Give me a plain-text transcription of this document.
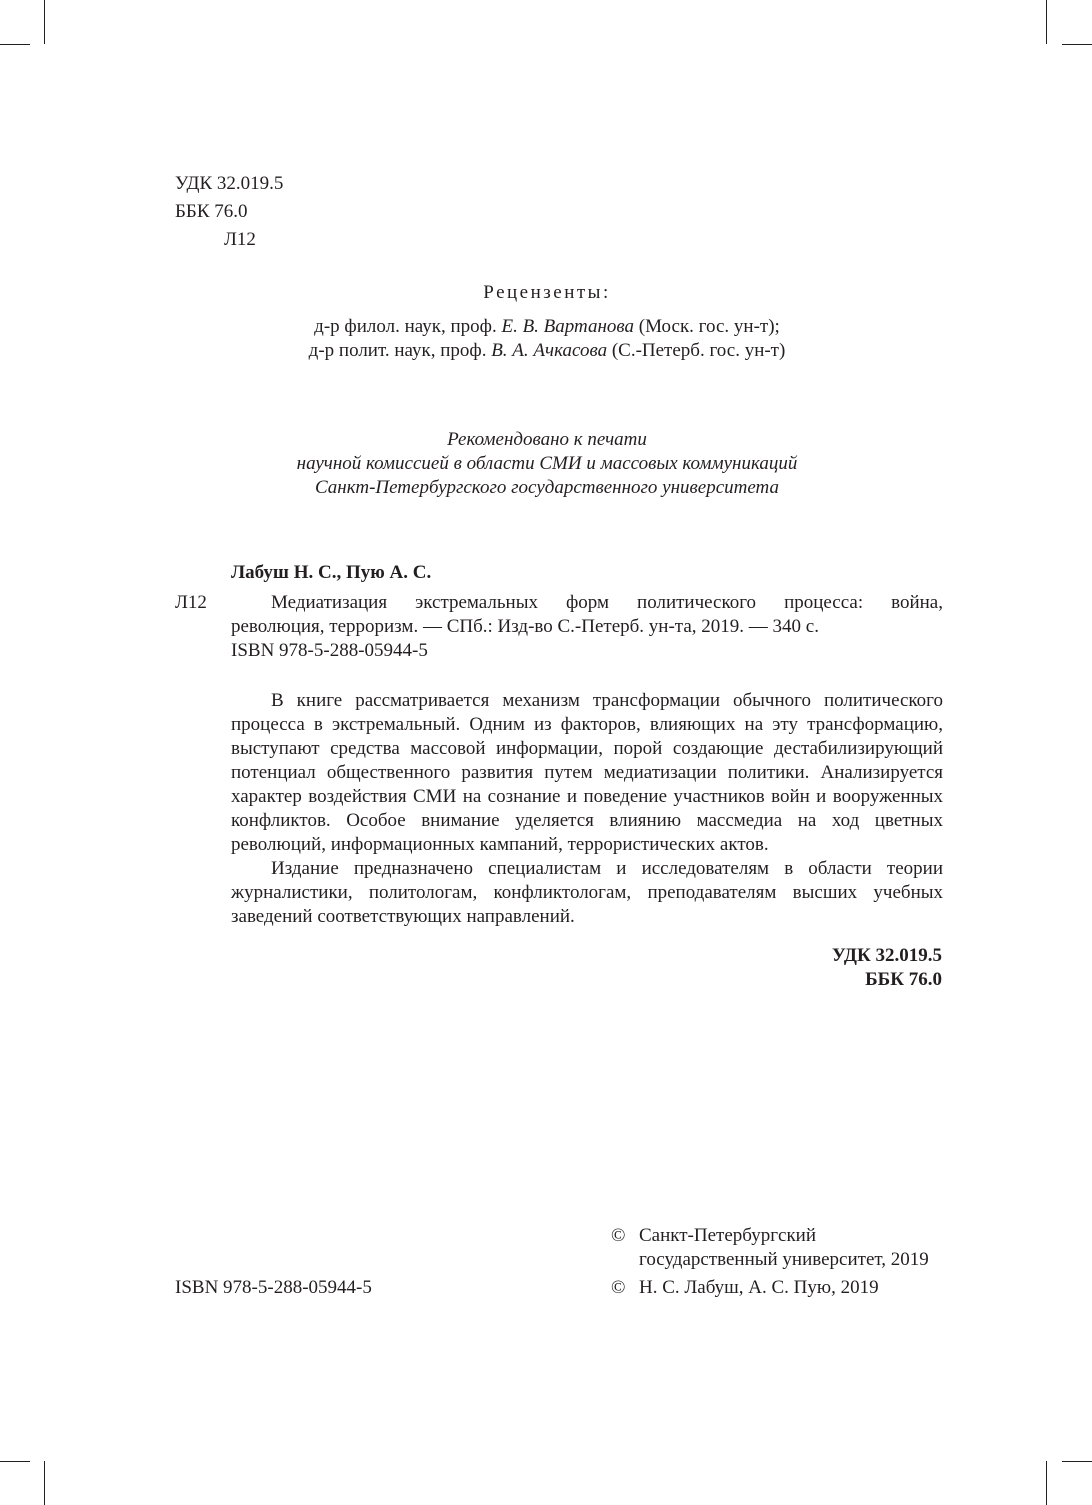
УДК 32.019.5
ББК 76.0
Л12
Рецензенты:
д-р филол. наук, проф. Е. В. Вартанова (Моск. гос. ун-т);
д-р полит. наук, проф. В. А. Ачкасова (С.-Петерб. гос. ун-т)
Рекомендовано к печати
научной комиссией в области СМИ и массовых коммуникаций
Санкт-Петербургского государственного университета
Лабуш Н. С., Пую А. С.
Л12	Медиатизация экстремальных форм политического процесса: война,
революция, терроризм. — СПб.: Изд-во С.-Петерб. ун-та, 2019. — 340 с.
ISBN 978-5-288-05944-5
В книге рассматривается механизм трансформации обычного политического процесса в экстремальный. Одним из факторов, влияющих на эту трансформацию, выступают средства массовой информации, порой создающие дестабилизирующий потенциал общественного развития путем медиатизации политики. Анализируется характер воздействия СМИ на сознание и поведение участников войн и вооруженных конфликтов. Особое внимание уделяется влиянию массмедиа на ход цветных революций, информационных кампаний, террористических актов.
Издание предназначено специалистам и исследователям в области теории журналистики, политологам, конфликтологам, преподавателям высших учебных заведений соответствующих направлений.
УДК 32.019.5
ББК 76.0
ISBN 978-5-288-05944-5
© Санкт-Петербургский
государственный университет, 2019
© Н. С. Лабуш, А. С. Пую, 2019
